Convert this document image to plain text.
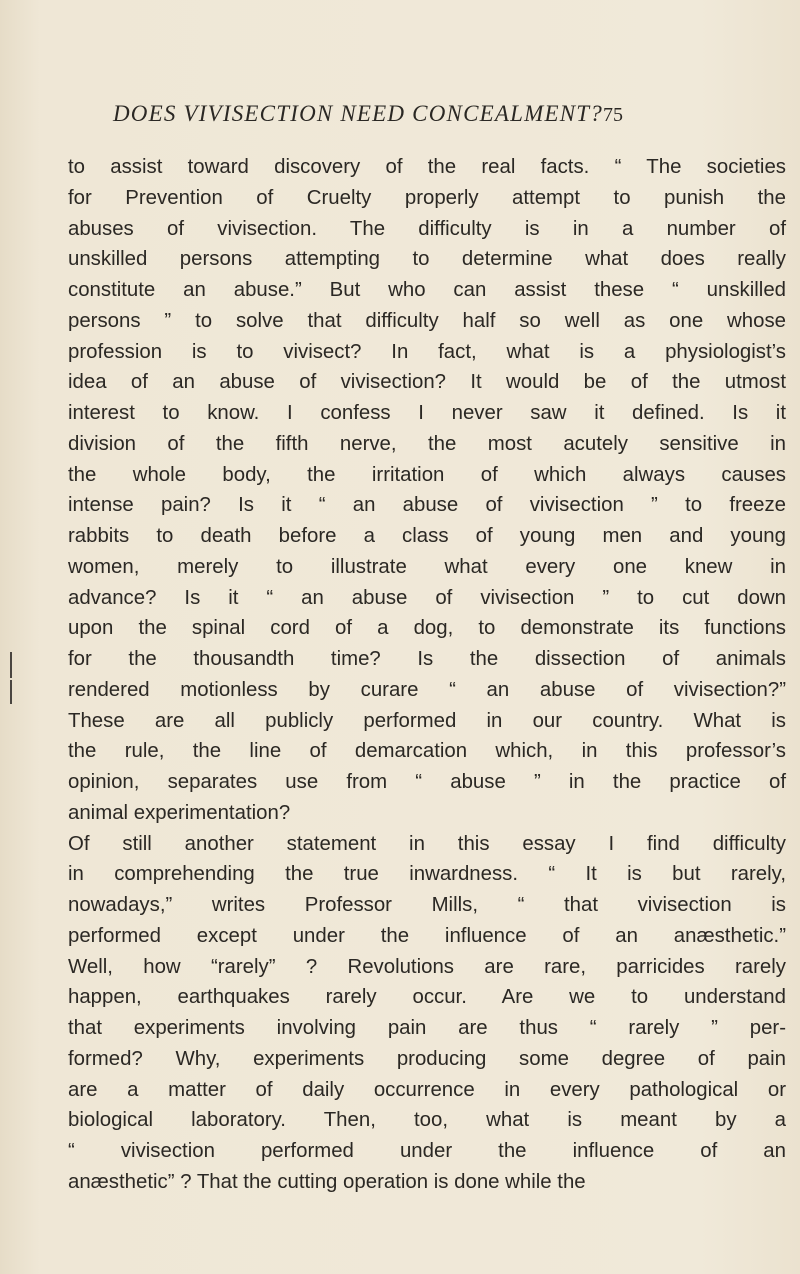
DOES VIVISECTION NEED CONCEALMENT?75
to assist toward discovery of the real facts. “ The societies
for Prevention of Cruelty properly attempt to punish the
abuses of vivisection. The difficulty is in a number of
unskilled persons attempting to determine what does really
constitute an abuse.” But who can assist these “ unskilled
persons ” to solve that difficulty half so well as one whose
profession is to vivisect? In fact, what is a physiologist’s
idea of an abuse of vivisection? It would be of the utmost
interest to know. I confess I never saw it defined. Is it
division of the fifth nerve, the most acutely sensitive in
the whole body, the irritation of which always causes
intense pain? Is it “ an abuse of vivisection ” to freeze
rabbits to death before a class of young men and young
women, merely to illustrate what every one knew in
advance? Is it “ an abuse of vivisection ” to cut down
upon the spinal cord of a dog, to demonstrate its functions
for the thousandth time? Is the dissection of animals
rendered motionless by curare “ an abuse of vivisection?”
These are all publicly performed in our country. What is
the rule, the line of demarcation which, in this professor’s
opinion, separates use from “ abuse ” in the practice of
animal experimentation?
Of still another statement in this essay I find difficulty
in comprehending the true inwardness. “ It is but rarely,
nowadays,” writes Professor Mills, “ that vivisection is
performed except under the influence of an anæsthetic.”
Well, how “rarely” ? Revolutions are rare, parricides rarely
happen, earthquakes rarely occur. Are we to understand
that experiments involving pain are thus “ rarely ” per-
formed? Why, experiments producing some degree of pain
are a matter of daily occurrence in every pathological or
biological laboratory. Then, too, what is meant by a
“ vivisection performed under the influence of an
anæsthetic” ? That the cutting operation is done while the
